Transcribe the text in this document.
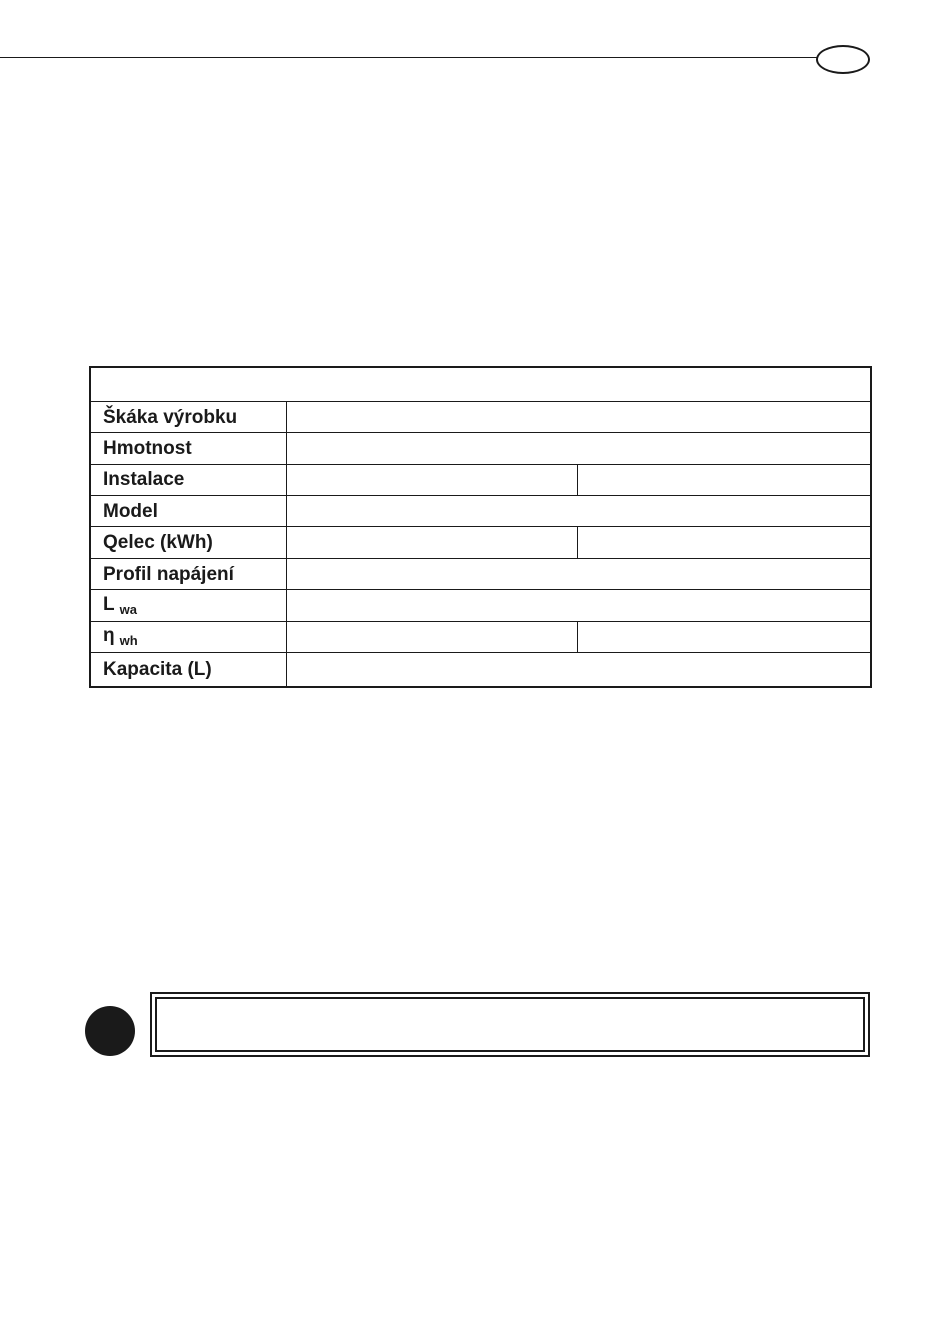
Škáka výrobku		
Hmotnost		
Instalace		
Model		
Qelec (kWh)		
Profil napájení		
L $_{wa}$	
η $_{wh}$		
Kapacita (L)		
